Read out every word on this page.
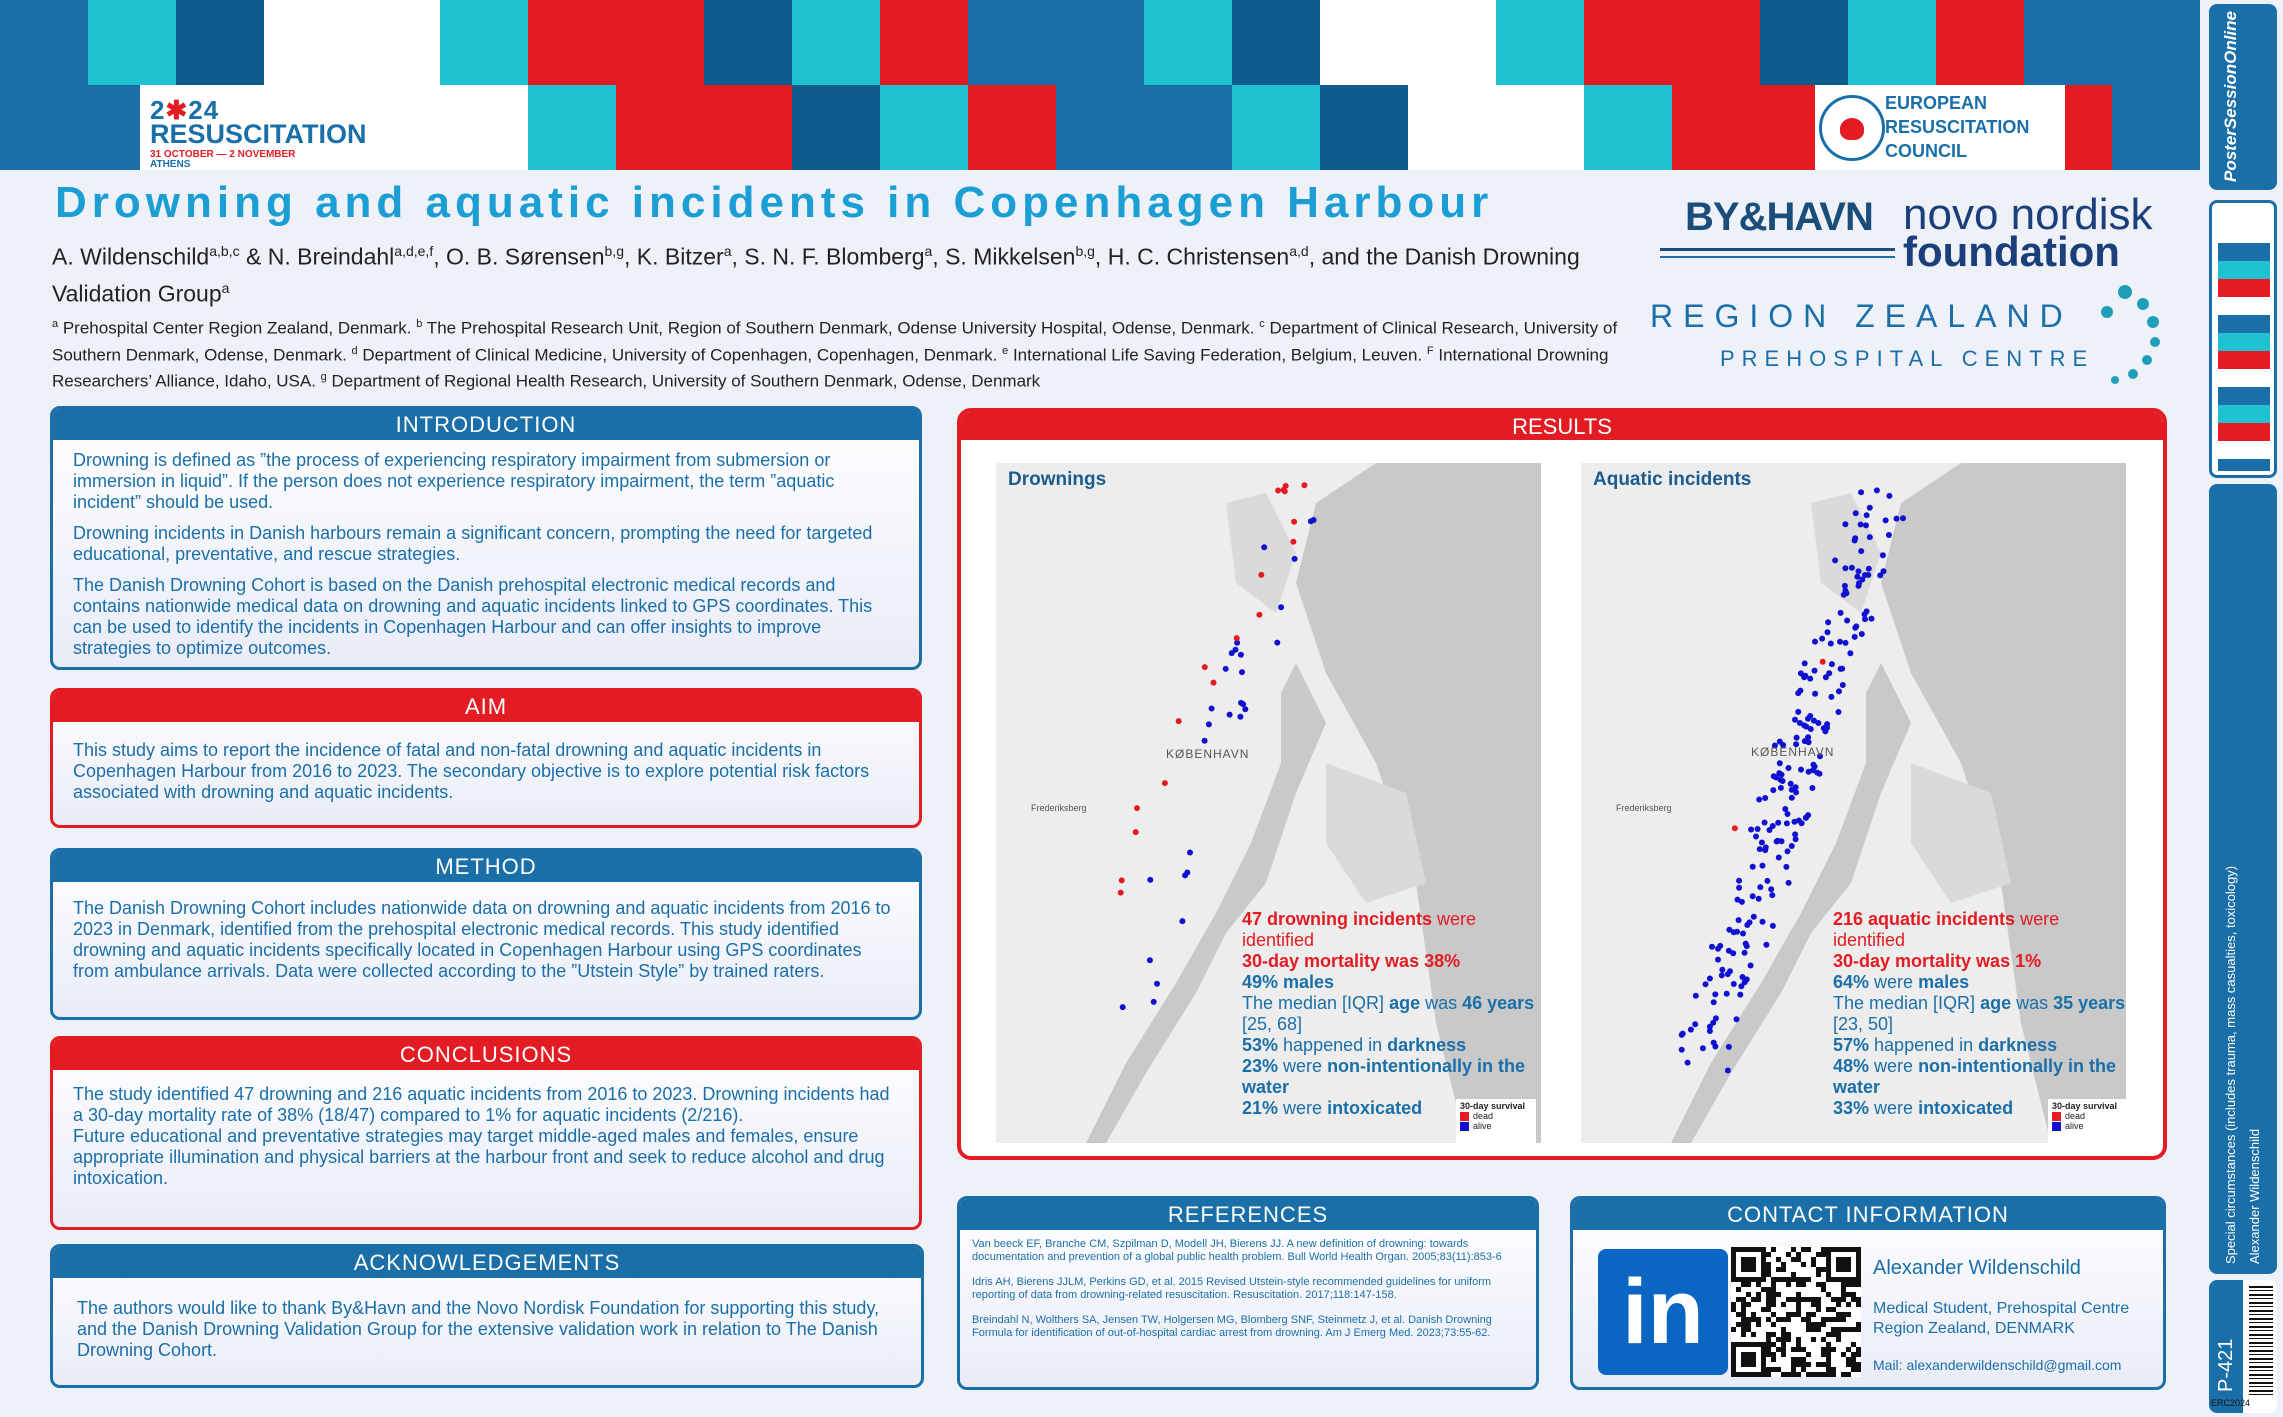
2✱24
RESUSCITATION
31 OCTOBER — 2 NOVEMBER
ATHENS
EUROPEAN
RESUSCITATION
COUNCIL	PosterSessionOnline
Special circumstances (includes trauma, mass casualties, toxicology) Alexander Wildenschild
P-421
ERC2024
Drowning and aquatic incidents in Copenhagen Harbour
A. Wildenschild$^{a,b,c}$ & N. Breindahl$^{a,d,e,f}$, O. B. Sørensen$^{b,g}$, K. Bitzer$^a$, S. N. F. Blomberg$^a$, S. Mikkelsen$^{b,g}$, H. C. Christensen$^{a,d}$, and the Danish Drowning Validation Group$^a$
$^a$ Prehospital Center Region Zealand, Denmark. $^b$ The Prehospital Research Unit, Region of Southern Denmark, Odense University Hospital, Odense, Denmark. $^c$ Department of Clinical Research, University of Southern Denmark, Odense, Denmark. $^d$ Department of Clinical Medicine, University of Copenhagen, Copenhagen, Denmark. $^e$ International Life Saving Federation, Belgium, Leuven. $^F$ International Drowning Researchers’ Alliance, Idaho, USA. $^g$ Department of Regional Health Research, University of Southern Denmark, Odense, Denmark
BY&HAVN novo nordisk
foundation
REGION ZEALAND
PREHOSPITAL CENTRE
INTRODUCTION

Drowning is defined as ”the process of experiencing respiratory impairment from submersion or immersion in liquid”. If the person does not experience respiratory impairment, the term ”aquatic incident” should be used.

Drowning incidents in Danish harbours remain a significant concern, prompting the need for targeted educational, preventative, and rescue strategies.

The Danish Drowning Cohort is based on the Danish prehospital electronic medical records and contains nationwide medical data on drowning and aquatic incidents linked to GPS coordinates. This can be used to identify the incidents in Copenhagen Harbour and can offer insights to improve strategies to optimize outcomes.

AIM

This study aims to report the incidence of fatal and non-fatal drowning and aquatic incidents in Copenhagen Harbour from 2016 to 2023. The secondary objective is to explore potential risk factors associated with drowning and aquatic incidents.

METHOD

The Danish Drowning Cohort includes nationwide data on drowning and aquatic incidents from 2016 to 2023 in Denmark, identified from the prehospital electronic medical records. This study identified drowning and aquatic incidents specifically located in Copenhagen Harbour using GPS coordinates from ambulance arrivals. Data were collected according to the ”Utstein Style” by trained raters.

CONCLUSIONS

The study identified 47 drowning and 216 aquatic incidents from 2016 to 2023. Drowning incidents had a 30-day mortality rate of 38% (18/47) compared to 1% for aquatic incidents (2/216).

Future educational and preventative strategies may target middle-aged males and females, ensure appropriate illumination and physical barriers at the harbour front and seek to reduce alcohol and drug intoxication.

ACKNOWLEDGEMENTS

The authors would like to thank By&Havn and the Novo Nordisk Foundation for supporting this study, and the Danish Drowning Validation Group for the extensive validation work in relation to The Danish Drowning Cohort.

RESULTS
Drownings
KØBENHAVN
Frederiksberg
47 drowning incidents were identified
30-day mortality was 38%
49% males
The median [IQR] age was 46 years [25, 68]
53% happened in darkness
23% were non-intentionally in the water
21% were intoxicated	30-day survival
dead
alive
Aquatic incidents
KØBENHAVN
Frederiksberg
216 aquatic incidents were identified
30-day mortality was 1%
64% were males
The median [IQR] age was 35 years [23, 50]
57% happened in darkness
48% were non-intentionally in the water
33% were intoxicated	30-day survival
dead
alive
REFERENCES

Van beeck EF, Branche CM, Szpilman D, Modell JH, Bierens JJ. A new definition of drowning: towards documentation and prevention of a global public health problem. Bull World Health Organ. 2005;83(11):853-6

Idris AH, Bierens JJLM, Perkins GD, et al. 2015 Revised Utstein-style recommended guidelines for uniform reporting of data from drowning-related resuscitation. Resuscitation. 2017;118:147-158.

Breindahl N, Wolthers SA, Jensen TW, Holgersen MG, Blomberg SNF, Steinmetz J, et al. Danish Drowning Formula for identification of out-of-hospital cardiac arrest from drowning. Am J Emerg Med. 2023;73:55-62.

CONTACT INFORMATION
in	Alexander Wildenschild
Medical Student, Prehospital Centre
Region Zealand, DENMARK
Mail: alexanderwildenschild@gmail.com
